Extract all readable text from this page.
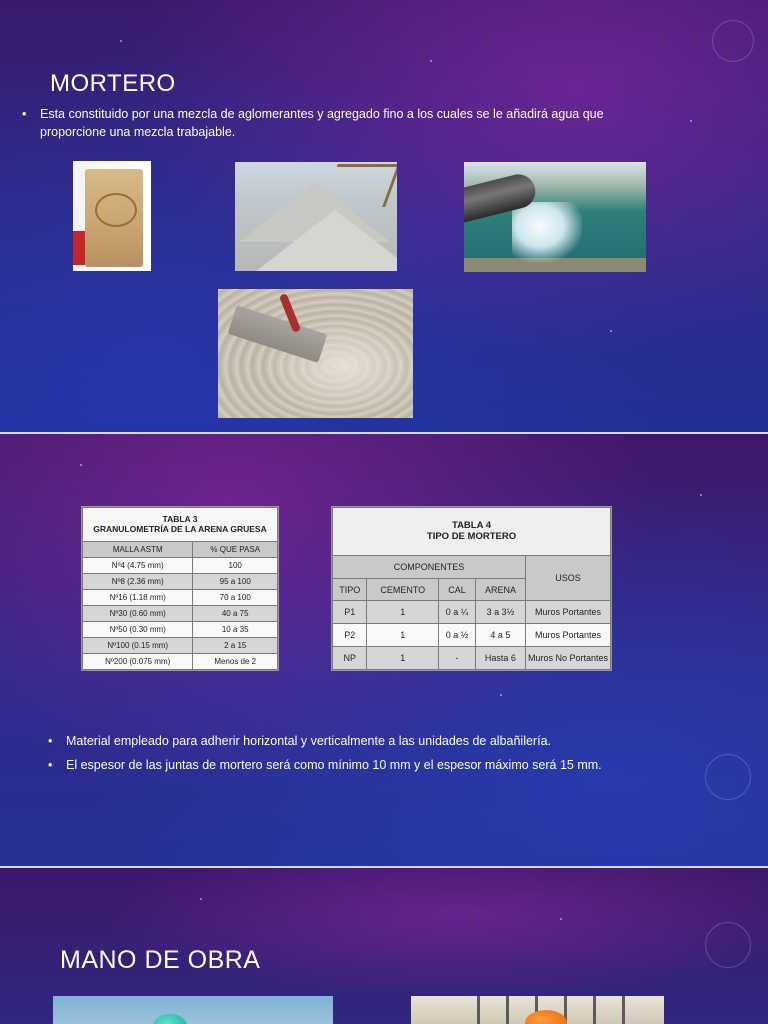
MORTERO
• Esta constituido por una mezcla de aglomerantes y agregado fino a los cuales se le añadirá agua que proporcione una mezcla trabajable.
TABLA 3
GRANULOMETRÍA DE LA ARENA GRUESA	
MALLA ASTM	% QUE PASA
Nº4 (4.75 mm)	100
Nº8 (2.36 mm)	95 a 100
Nº16 (1.18 mm)	70 a 100
Nº30 (0.60 mm)	40 a 75
Nº50 (0.30 mm)	10 a 35
Nº100 (0.15 mm)	2 a 15
Nº200 (0.075 mm)	Menos de 2
TABLA 4
TIPO DE MORTERO				
COMPONENTES				USOS
TIPO	CEMENTO	CAL	ARENA	
P1	1	0 a ¼	3 a 3½	Muros Portantes
P2	1	0 a ½	4 a 5	Muros Portantes
NP	1	-	Hasta 6	Muros No Portantes
• Material empleado para adherir horizontal y verticalmente a las unidades de albañilería.
• El espesor de las juntas de mortero será como mínimo 10 mm y el espesor máximo será 15 mm.
MANO DE OBRA
